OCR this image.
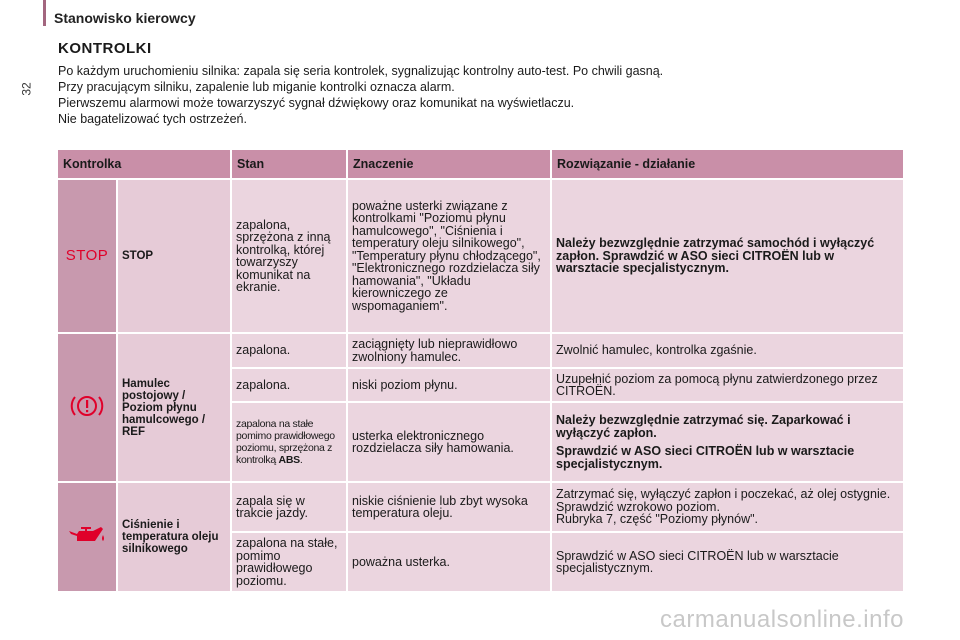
Stanowisko kierowcy
32
KONTROLKI

Po każdym uruchomieniu silnika: zapala się seria kontrolek, sygnalizując kontrolny auto-test. Po chwili gasną.

Przy pracującym silniku, zapalenie lub miganie kontrolki oznacza alarm.

Pierwszemu alarmowi może towarzyszyć sygnał dźwiękowy oraz komunikat na wyświetlaczu.

Nie bagatelizować tych ostrzeżeń.

Kontrolka		Stan	Znaczenie	Rozwiązanie - działanie
STOP	STOP	zapalona, sprzężona z inną kontrolką, której towarzyszy komunikat na ekranie.	poważne usterki związane z kontrolkami "Poziomu płynu hamulcowego", "Ciśnienia i temperatury oleju silnikowego", "Temperatury płynu chłodzącego", "Elektronicznego rozdzielacza siły hamowania", "Układu kierowniczego ze wspomaganiem".	Należy bezwzględnie zatrzymać samochód i wyłączyć zapłon. Sprawdzić w ASO sieci CITROËN lub w warsztacie specjalistycznym.
	Hamulec postojowy / Poziom płynu hamulcowego / REF	zapalona.	zaciągnięty lub nieprawidłowo zwolniony hamulec.	Zwolnić hamulec, kontrolka zgaśnie.
		zapalona.	niski poziom płynu.	Uzupełnić poziom za pomocą płynu zatwierdzonego przez CITROËN.
		zapalona na stałe pomimo prawidłowego poziomu, sprzężona z kontrolką ABS.	usterka elektronicznego rozdzielacza siły hamowania.	Należy bezwzględnie zatrzymać się. Zaparkować i wyłączyć zapłon.
Sprawdzić w ASO sieci CITROËN lub w warsztacie specjalistycznym.

	Ciśnienie i temperatura oleju silnikowego	zapala się w trakcie jazdy.	niskie ciśnienie lub zbyt wysoka temperatura oleju.	Zatrzymać się, wyłączyć zapłon i poczekać, aż olej ostygnie.
Sprawdzić wzrokowo poziom.
Rubryka 7, część "Poziomy płynów".

		zapalona na stałe, pomimo prawidłowego poziomu.	poważna usterka.	Sprawdzić w ASO sieci CITROËN lub w warsztacie specjalistycznym.
carmanualsonline.info
